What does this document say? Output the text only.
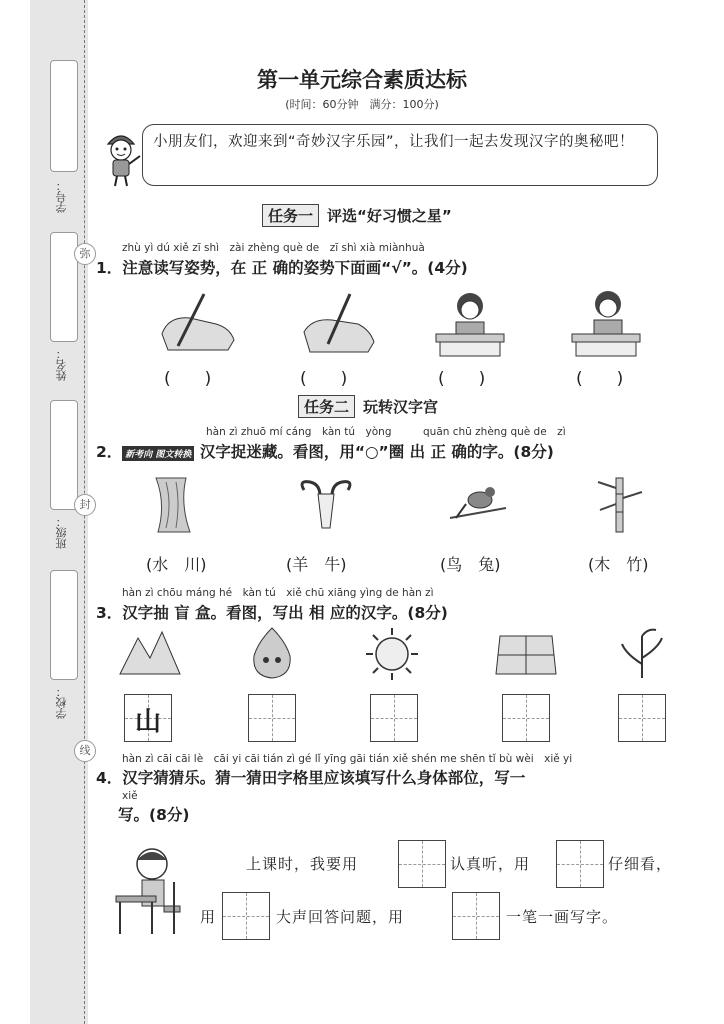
学号：
姓名：
班级：
学校：
弥
封
线
第一单元综合素质达标
(时间：60分钟　满分：100分)
小朋友们，欢迎来到“奇妙汉字乐园”，让我们一起去发现汉字的奥秘吧！
任务一 评选“好习惯之星”
zhù yì dú xiě zī shì　zài zhèng què de　zī shì xià miànhuà
1．注意读写姿势，在 正 确的姿势下面画“√”。(4分)
(　　)	(　　)	(　　)	(　　)
任务二 玩转汉字宫
hàn zì zhuō mí cáng　kàn tú　yòng　　　quān chū zhèng què de　zì
2． 新考向 图文转换 汉字捉迷藏。看图，用“○”圈 出 正 确的字。(8分)
(水　川)	(羊　牛)	(鸟　兔)	(木　竹)
hàn zì chōu máng hé　kàn tú　xiě chū xiāng yìng de hàn zì
3．汉字抽 盲 盒。看图，写出 相 应的汉字。(8分)
山
hàn zì cāi cāi lè　cāi yi cāi tián zì gé lǐ yīng gāi tián xiě shén me shēn tǐ bù wèi　xiě yi
4．汉字猜猜乐。猜一猜田字格里应该填写什么身体部位，写一
xiě
写。(8分)
上课时，我要用	认真听，用	仔细看，
用	大声回答问题，用	一笔一画写字。
